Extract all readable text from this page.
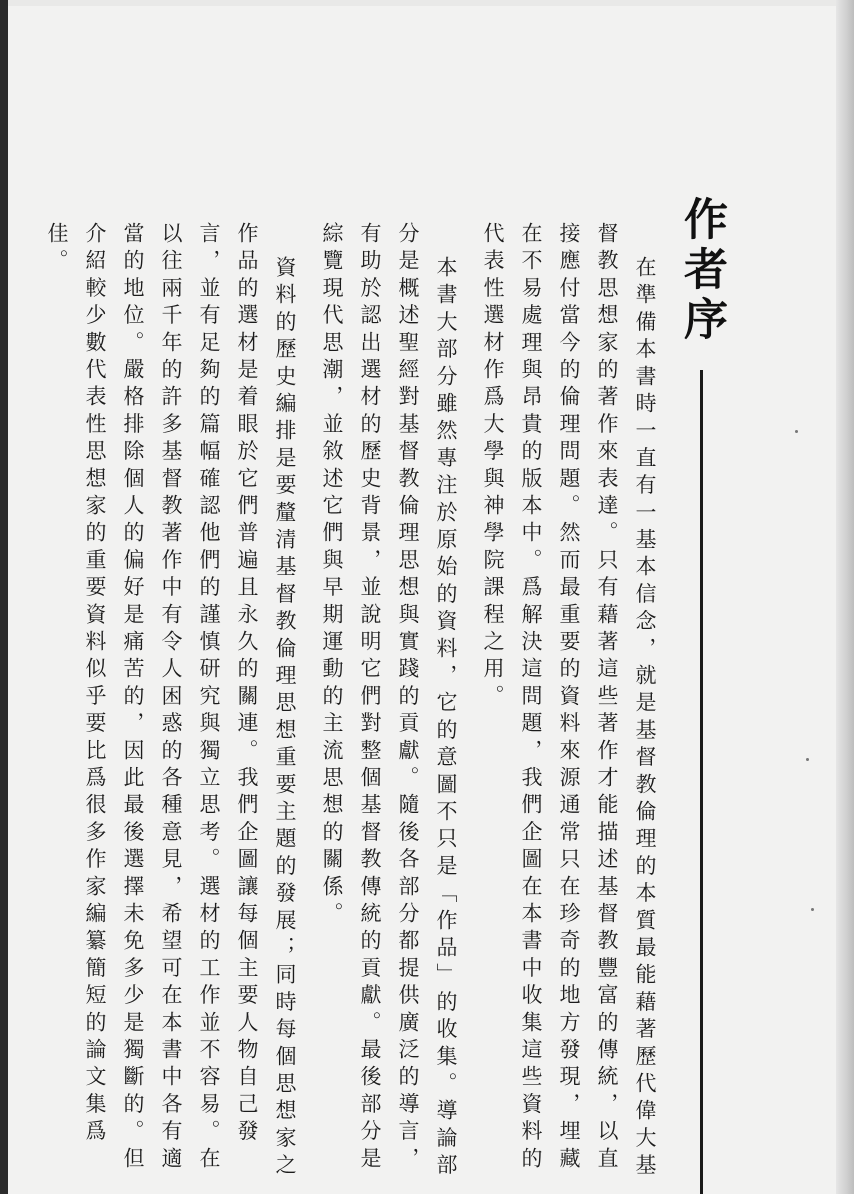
作者序

在準備本書時一直有一基本信念，就是基督教倫理的本質最能藉著歷代偉大基督教思想家的著作來表達。只有藉著這些著作才能描述基督教豐富的傳統，以直接應付當今的倫理問題。然而最重要的資料來源通常只在珍奇的地方發現，埋藏在不易處理與昂貴的版本中。爲解決這問題，我們企圖在本書中收集這些資料的代表性選材作爲大學與神學院課程之用。

本書大部分雖然專注於原始的資料，它的意圖不只是「作品」的收集。導論部分是概述聖經對基督教倫理思想與實踐的貢獻。隨後各部分都提供廣泛的導言，有助於認出選材的歷史背景，並說明它們對整個基督教傳統的貢獻。最後部分是綜覽現代思潮，並敘述它們與早期運動的主流思想的關係。

資料的歷史編排是要釐清基督教倫理思想重要主題的發展；同時每個思想家之作品的選材是着眼於它們普遍且永久的關連。我們企圖讓每個主要人物自己發言，並有足夠的篇幅確認他們的謹慎研究與獨立思考。選材的工作並不容易。在以往兩千年的許多基督教著作中有令人困惑的各種意見，希望可在本書中各有適當的地位。嚴格排除個人的偏好是痛苦的，因此最後選擇未免多少是獨斷的。但介紹較少數代表性思想家的重要資料似乎要比爲很多作家編纂簡短的論文集爲佳。
